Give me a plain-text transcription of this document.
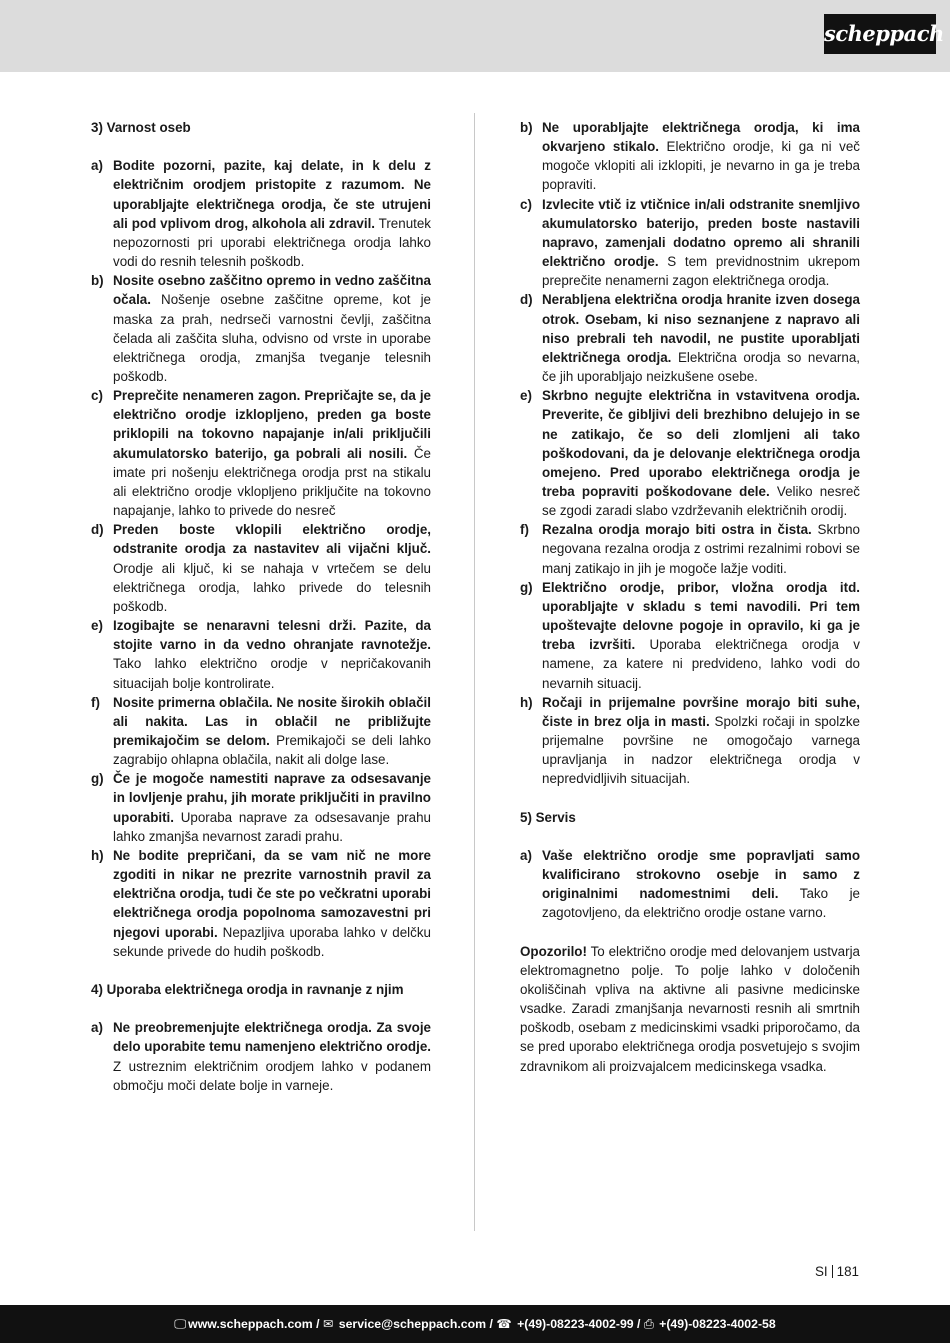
scheppach
3) Varnost oseb
a) Bodite pozorni, pazite, kaj delate, in k delu z električnim orodjem pristopite z razumom. Ne uporabljajte električnega orodja, če ste utrujeni ali pod vplivom drog, alkohola ali zdravil. Trenutek nepozornosti pri uporabi električnega orodja lahko vodi do resnih telesnih poškodb.
b) Nosite osebno zaščitno opremo in vedno zaščitna očala. Nošenje osebne zaščitne opreme, kot je maska za prah, nedrseči varnostni čevlji, zaščitna čelada ali zaščita sluha, odvisno od vrste in uporabe električnega orodja, zmanjša tveganje telesnih poškodb.
c) Preprečite nenameren zagon. Prepričajte se, da je električno orodje izklopljeno, preden ga boste priklopili na tokovno napajanje in/ali priključili akumulatorsko baterijo, ga pobrali ali nosili. Če imate pri nošenju električnega orodja prst na stikalu ali električno orodje vklopljeno priključite na tokovno napajanje, lahko to privede do nesreč
d) Preden boste vklopili električno orodje, odstranite orodja za nastavitev ali vijačni ključ. Orodje ali ključ, ki se nahaja v vrtečem se delu električnega orodja, lahko privede do telesnih poškodb.
e) Izogibajte se nenaravni telesni drži. Pazite, da stojite varno in da vedno ohranjate ravnotežje. Tako lahko električno orodje v nepričakovanih situacijah bolje kontrolirate.
f) Nosite primerna oblačila. Ne nosite širokih oblačil ali nakita. Las in oblačil ne približujte premikajočim se delom. Premikajoči se deli lahko zagrabijo ohlapna oblačila, nakit ali dolge lase.
g) Če je mogoče namestiti naprave za odsesavanje in lovljenje prahu, jih morate priključiti in pravilno uporabiti. Uporaba naprave za odsesavanje prahu lahko zmanjša nevarnost zaradi prahu.
h) Ne bodite prepričani, da se vam nič ne more zgoditi in nikar ne prezrite varnostnih pravil za električna orodja, tudi če ste po večkratni uporabi električnega orodja popolnoma samozavestni pri njegovi uporabi. Nepazljiva uporaba lahko v delčku sekunde privede do hudih poškodb.
4) Uporaba električnega orodja in ravnanje z njim
a) Ne preobremenjujte električnega orodja. Za svoje delo uporabite temu namenjeno električno orodje. Z ustreznim električnim orodjem lahko v podanem območju moči delate bolje in varneje.
b) Ne uporabljajte električnega orodja, ki ima okvarjeno stikalo. Električno orodje, ki ga ni več mogoče vklopiti ali izklopiti, je nevarno in ga je treba popraviti.
c) Izvlecite vtič iz vtičnice in/ali odstranite snemljivo akumulatorsko baterijo, preden boste nastavili napravo, zamenjali dodatno opremo ali shranili električno orodje. S tem previdnostnim ukrepom preprečite nenamerni zagon električnega orodja.
d) Nerabljena električna orodja hranite izven dosega otrok. Osebam, ki niso seznanjene z napravo ali niso prebrali teh navodil, ne pustite uporabljati električnega orodja. Električna orodja so nevarna, če jih uporabljajo neizkušene osebe.
e) Skrbno negujte električna in vstavitvena orodja. Preverite, če gibljivi deli brezhibno delujejo in se ne zatikajo, če so deli zlomljeni ali tako poškodovani, da je delovanje električnega orodja omejeno. Pred uporabo električnega orodja je treba popraviti poškodovane dele. Veliko nesreč se zgodi zaradi slabo vzdrževanih električnih orodij.
f) Rezalna orodja morajo biti ostra in čista. Skrbno negovana rezalna orodja z ostrimi rezalnimi robovi se manj zatikajo in jih je mogoče lažje voditi.
g) Električno orodje, pribor, vložna orodja itd. uporabljajte v skladu s temi navodili. Pri tem upoštevajte delovne pogoje in opravilo, ki ga je treba izvršiti. Uporaba električnega orodja v namene, za katere ni predvideno, lahko vodi do nevarnih situacij.
h) Ročaji in prijemalne površine morajo biti suhe, čiste in brez olja in masti. Spolzki ročaji in spolzke prijemalne površine ne omogočajo varnega upravljanja in nadzor električnega orodja v nepredvidljivih situacijah.
5) Servis
a) Vaše električno orodje sme popravljati samo kvalificirano strokovno osebje in samo z originalnimi nadomestnimi deli. Tako je zagotovljeno, da električno orodje ostane varno.
Opozorilo! To električno orodje med delovanjem ustvarja elektromagnetno polje. To polje lahko v določenih okoliščinah vpliva na aktivne ali pasivne medicinske vsadke. Zaradi zmanjšanja nevarnosti resnih ali smrtnih poškodb, osebam z medicinskimi vsadki priporočamo, da se pred uporabo električnega orodja posvetujejo s svojim zdravnikom ali proizvajalcem medicinskega vsadka.
SI 181
🖵 www.scheppach.com / ✉ service@scheppach.com / ☎ +(49)-08223-4002-99 / ⎙ +(49)-08223-4002-58
